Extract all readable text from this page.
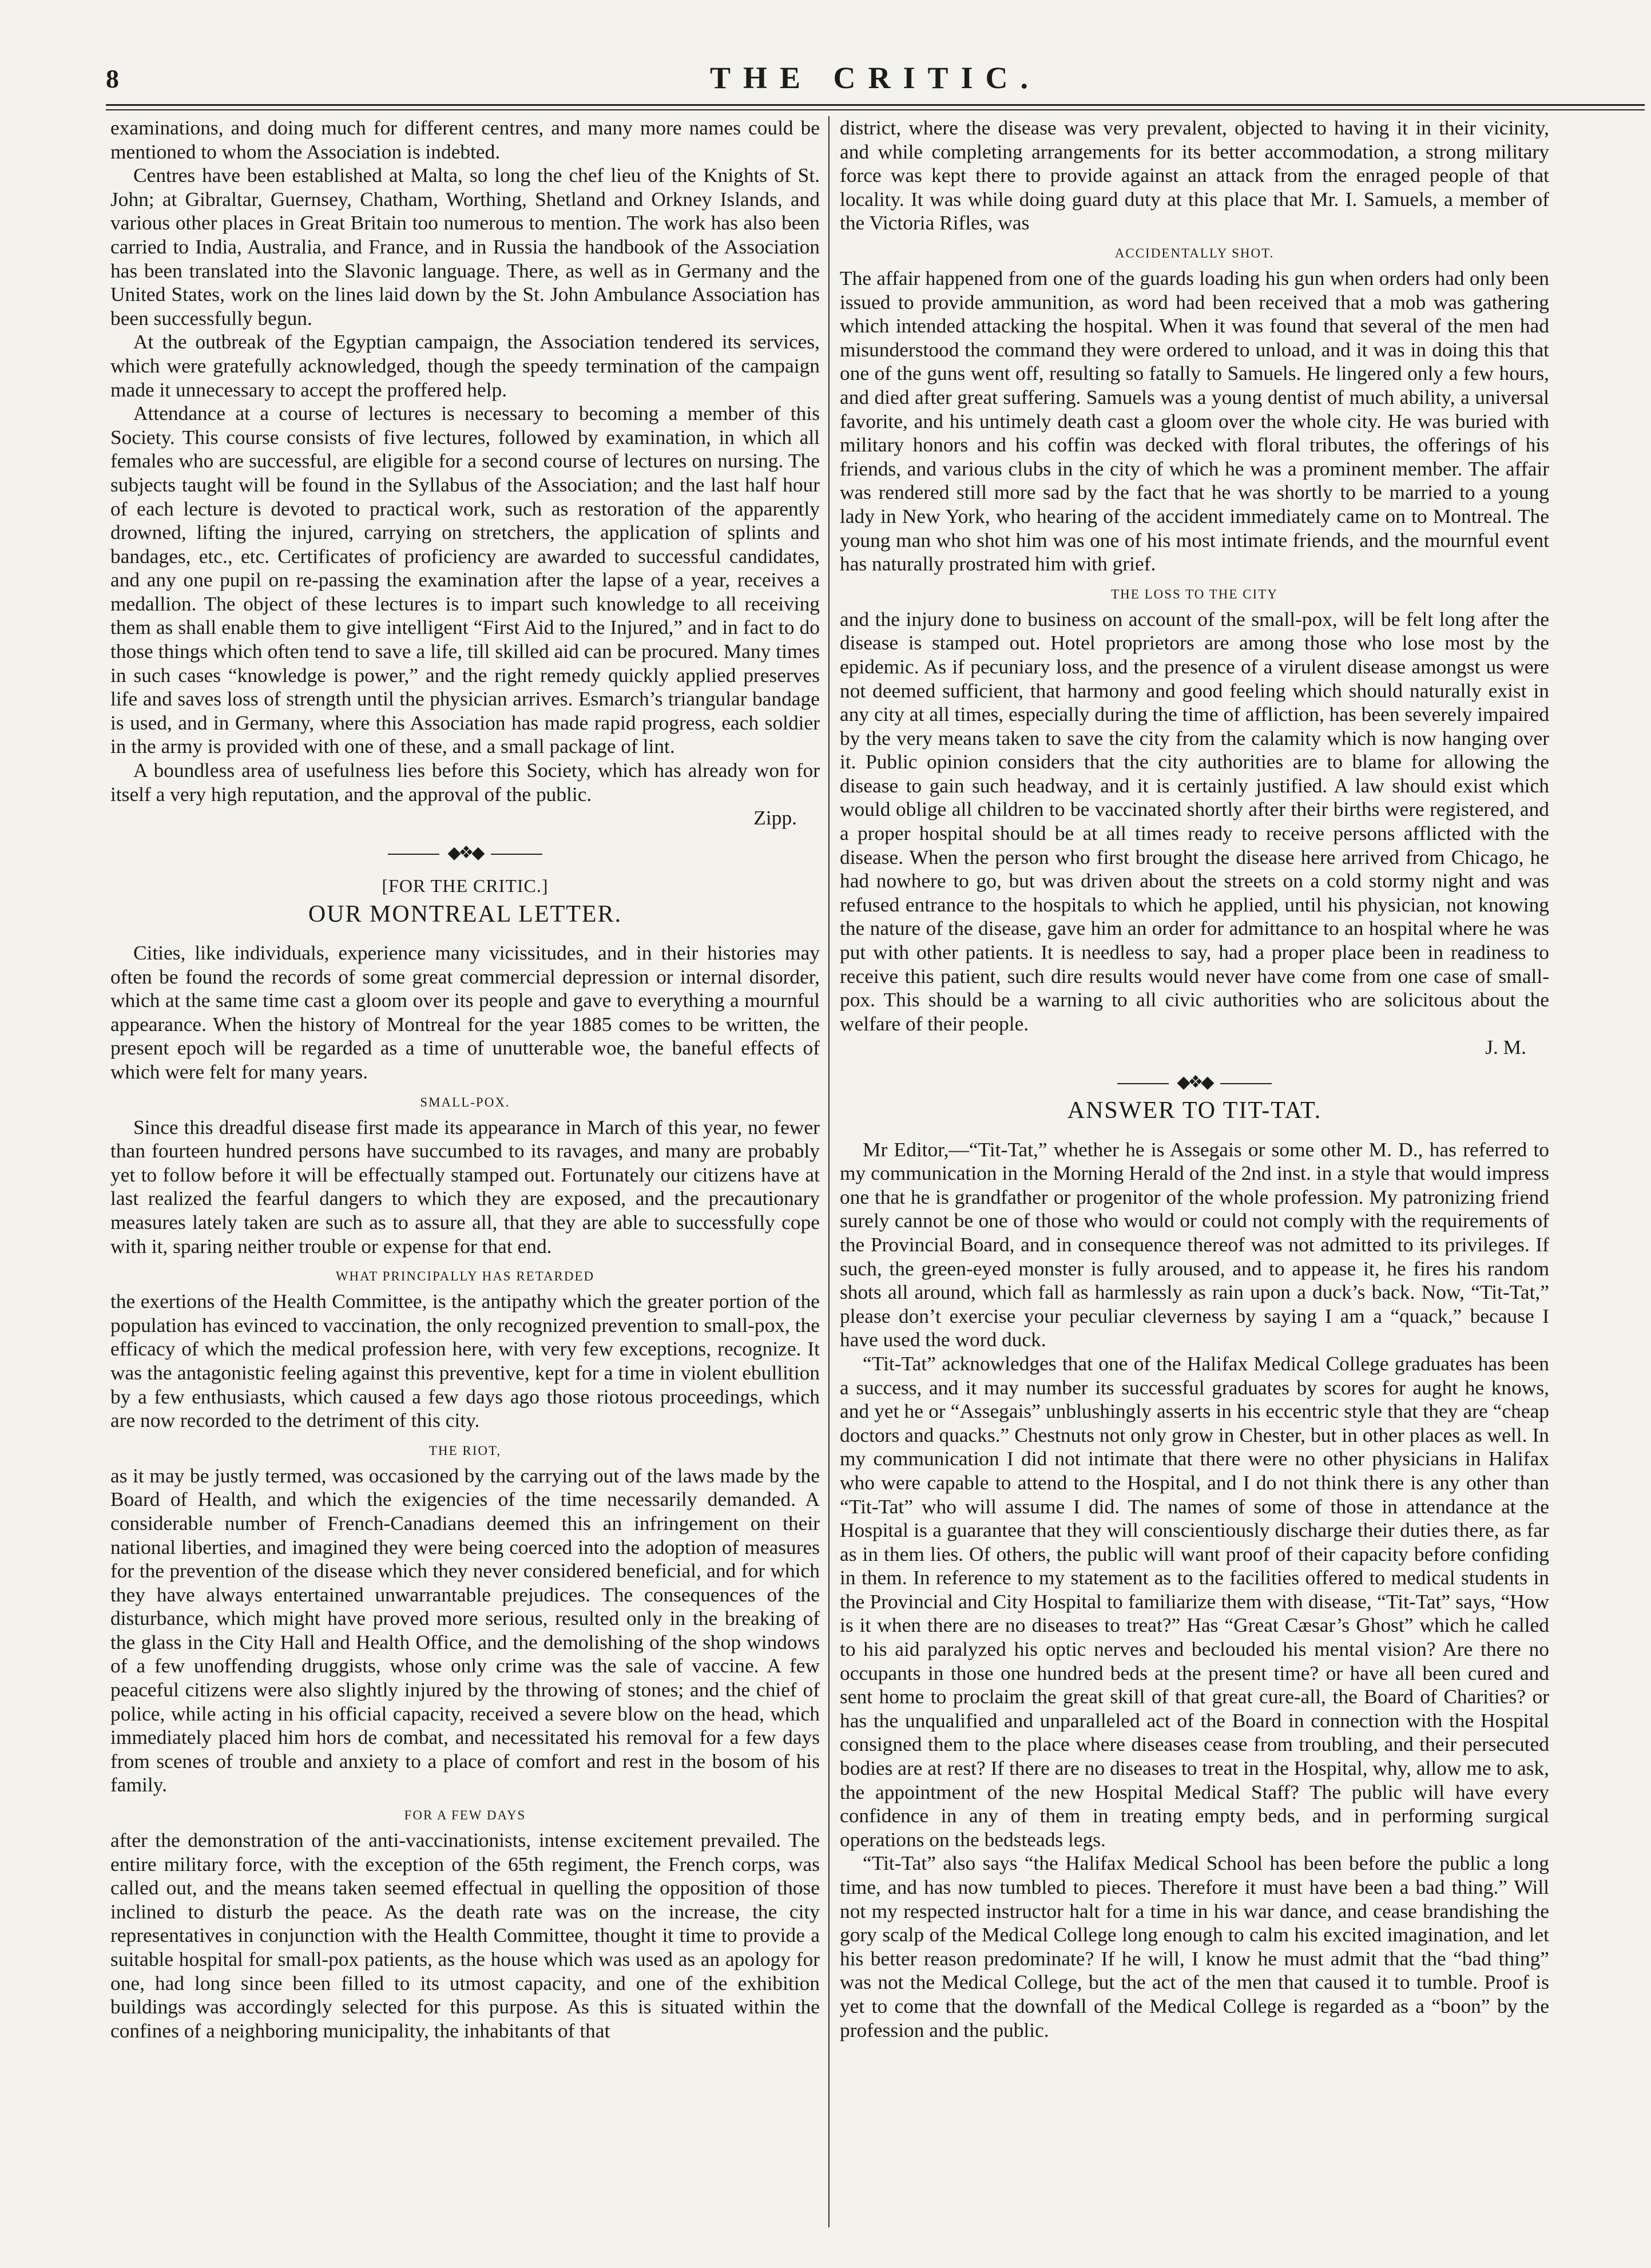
8	THE CRITIC.

examinations, and doing much for different centres, and many more names could be mentioned to whom the Association is indebted.

Centres have been established at Malta, so long the chef lieu of the Knights of St. John; at Gibraltar, Guernsey, Chatham, Worthing, Shetland and Orkney Islands, and various other places in Great Britain too numerous to mention. The work has also been carried to India, Australia, and France, and in Russia the handbook of the Association has been translated into the Slavonic language. There, as well as in Germany and the United States, work on the lines laid down by the St. John Ambulance Association has been successfully begun.

At the outbreak of the Egyptian campaign, the Association tendered its services, which were gratefully acknowledged, though the speedy termination of the campaign made it unnecessary to accept the proffered help.

Attendance at a course of lectures is necessary to becoming a member of this Society. This course consists of five lectures, followed by examination, in which all females who are successful, are eligible for a second course of lectures on nursing. The subjects taught will be found in the Syllabus of the Association; and the last half hour of each lecture is devoted to practical work, such as restoration of the apparently drowned, lifting the injured, carrying on stretchers, the application of splints and bandages, etc., etc. Certificates of proficiency are awarded to successful candidates, and any one pupil on re-passing the examination after the lapse of a year, receives a medallion. The object of these lectures is to impart such knowledge to all receiving them as shall enable them to give intelligent “First Aid to the Injured,” and in fact to do those things which often tend to save a life, till skilled aid can be procured. Many times in such cases “knowledge is power,” and the right remedy quickly applied preserves life and saves loss of strength until the physician arrives. Esmarch’s triangular bandage is used, and in Germany, where this Association has made rapid progress, each soldier in the army is provided with one of these, and a small package of lint.

A boundless area of usefulness lies before this Society, which has already won for itself a very high reputation, and the approval of the public.

Zipp.
◆❖◆
[FOR THE CRITIC.]
OUR MONTREAL LETTER.

Cities, like individuals, experience many vicissitudes, and in their histories may often be found the records of some great commercial depression or internal disorder, which at the same time cast a gloom over its people and gave to everything a mournful appearance. When the history of Montreal for the year 1885 comes to be written, the present epoch will be regarded as a time of unutterable woe, the baneful effects of which were felt for many years.

SMALL-POX.

Since this dreadful disease first made its appearance in March of this year, no fewer than fourteen hundred persons have succumbed to its ravages, and many are probably yet to follow before it will be effectually stamped out. Fortunately our citizens have at last realized the fearful dangers to which they are exposed, and the precautionary measures lately taken are such as to assure all, that they are able to successfully cope with it, sparing neither trouble or expense for that end.

WHAT PRINCIPALLY HAS RETARDED

the exertions of the Health Committee, is the antipathy which the greater portion of the population has evinced to vaccination, the only recognized prevention to small-pox, the efficacy of which the medical profession here, with very few exceptions, recognize. It was the antagonistic feeling against this preventive, kept for a time in violent ebullition by a few enthusiasts, which caused a few days ago those riotous proceedings, which are now recorded to the detriment of this city.

THE RIOT,

as it may be justly termed, was occasioned by the carrying out of the laws made by the Board of Health, and which the exigencies of the time necessarily demanded. A considerable number of French-Canadians deemed this an infringement on their national liberties, and imagined they were being coerced into the adoption of measures for the prevention of the disease which they never considered beneficial, and for which they have always entertained unwarrantable prejudices. The consequences of the disturbance, which might have proved more serious, resulted only in the breaking of the glass in the City Hall and Health Office, and the demolishing of the shop windows of a few unoffending druggists, whose only crime was the sale of vaccine. A few peaceful citizens were also slightly injured by the throwing of stones; and the chief of police, while acting in his official capacity, received a severe blow on the head, which immediately placed him hors de combat, and necessitated his removal for a few days from scenes of trouble and anxiety to a place of comfort and rest in the bosom of his family.

FOR A FEW DAYS

after the demonstration of the anti-vaccinationists, intense excitement prevailed. The entire military force, with the exception of the 65th regiment, the French corps, was called out, and the means taken seemed effectual in quelling the opposition of those inclined to disturb the peace. As the death rate was on the increase, the city representatives in conjunction with the Health Committee, thought it time to provide a suitable hospital for small-pox patients, as the house which was used as an apology for one, had long since been filled to its utmost capacity, and one of the exhibition buildings was accordingly selected for this purpose. As this is situated within the confines of a neighboring municipality, the inhabitants of that

district, where the disease was very prevalent, objected to having it in their vicinity, and while completing arrangements for its better accommodation, a strong military force was kept there to provide against an attack from the enraged people of that locality. It was while doing guard duty at this place that Mr. I. Samuels, a member of the Victoria Rifles, was

ACCIDENTALLY SHOT.

The affair happened from one of the guards loading his gun when orders had only been issued to provide ammunition, as word had been received that a mob was gathering which intended attacking the hospital. When it was found that several of the men had misunderstood the command they were ordered to unload, and it was in doing this that one of the guns went off, resulting so fatally to Samuels. He lingered only a few hours, and died after great suffering. Samuels was a young dentist of much ability, a universal favorite, and his untimely death cast a gloom over the whole city. He was buried with military honors and his coffin was decked with floral tributes, the offerings of his friends, and various clubs in the city of which he was a prominent member. The affair was rendered still more sad by the fact that he was shortly to be married to a young lady in New York, who hearing of the accident immediately came on to Montreal. The young man who shot him was one of his most intimate friends, and the mournful event has naturally prostrated him with grief.

THE LOSS TO THE CITY

and the injury done to business on account of the small-pox, will be felt long after the disease is stamped out. Hotel proprietors are among those who lose most by the epidemic. As if pecuniary loss, and the presence of a virulent disease amongst us were not deemed sufficient, that harmony and good feeling which should naturally exist in any city at all times, especially during the time of affliction, has been severely impaired by the very means taken to save the city from the calamity which is now hanging over it. Public opinion considers that the city authorities are to blame for allowing the disease to gain such headway, and it is certainly justified. A law should exist which would oblige all children to be vaccinated shortly after their births were registered, and a proper hospital should be at all times ready to receive persons afflicted with the disease. When the person who first brought the disease here arrived from Chicago, he had nowhere to go, but was driven about the streets on a cold stormy night and was refused entrance to the hospitals to which he applied, until his physician, not knowing the nature of the disease, gave him an order for admittance to an hospital where he was put with other patients. It is needless to say, had a proper place been in readiness to receive this patient, such dire results would never have come from one case of small-pox. This should be a warning to all civic authorities who are solicitous about the welfare of their people.

J. M.
◆❖◆
ANSWER TO TIT-TAT.

Mr Editor,—“Tit-Tat,” whether he is Assegais or some other M. D., has referred to my communication in the Morning Herald of the 2nd inst. in a style that would impress one that he is grandfather or progenitor of the whole profession. My patronizing friend surely cannot be one of those who would or could not comply with the requirements of the Provincial Board, and in consequence thereof was not admitted to its privileges. If such, the green-eyed monster is fully aroused, and to appease it, he fires his random shots all around, which fall as harmlessly as rain upon a duck’s back. Now, “Tit-Tat,” please don’t exercise your peculiar cleverness by saying I am a “quack,” because I have used the word duck.

“Tit-Tat” acknowledges that one of the Halifax Medical College graduates has been a success, and it may number its successful graduates by scores for aught he knows, and yet he or “Assegais” unblushingly asserts in his eccentric style that they are “cheap doctors and quacks.” Chestnuts not only grow in Chester, but in other places as well. In my communication I did not intimate that there were no other physicians in Halifax who were capable to attend to the Hospital, and I do not think there is any other than “Tit-Tat” who will assume I did. The names of some of those in attendance at the Hospital is a guarantee that they will conscientiously discharge their duties there, as far as in them lies. Of others, the public will want proof of their capacity before confiding in them. In reference to my statement as to the facilities offered to medical students in the Provincial and City Hospital to familiarize them with disease, “Tit-Tat” says, “How is it when there are no diseases to treat?” Has “Great Cæsar’s Ghost” which he called to his aid paralyzed his optic nerves and beclouded his mental vision? Are there no occupants in those one hundred beds at the present time? or have all been cured and sent home to proclaim the great skill of that great cure-all, the Board of Charities? or has the unqualified and unparalleled act of the Board in connection with the Hospital consigned them to the place where diseases cease from troubling, and their persecuted bodies are at rest? If there are no diseases to treat in the Hospital, why, allow me to ask, the appointment of the new Hospital Medical Staff? The public will have every confidence in any of them in treating empty beds, and in performing surgical operations on the bedsteads legs.

“Tit-Tat” also says “the Halifax Medical School has been before the public a long time, and has now tumbled to pieces. Therefore it must have been a bad thing.” Will not my respected instructor halt for a time in his war dance, and cease brandishing the gory scalp of the Medical College long enough to calm his excited imagination, and let his better reason predominate? If he will, I know he must admit that the “bad thing” was not the Medical College, but the act of the men that caused it to tumble. Proof is yet to come that the downfall of the Medical College is regarded as a “boon” by the profession and the public.
